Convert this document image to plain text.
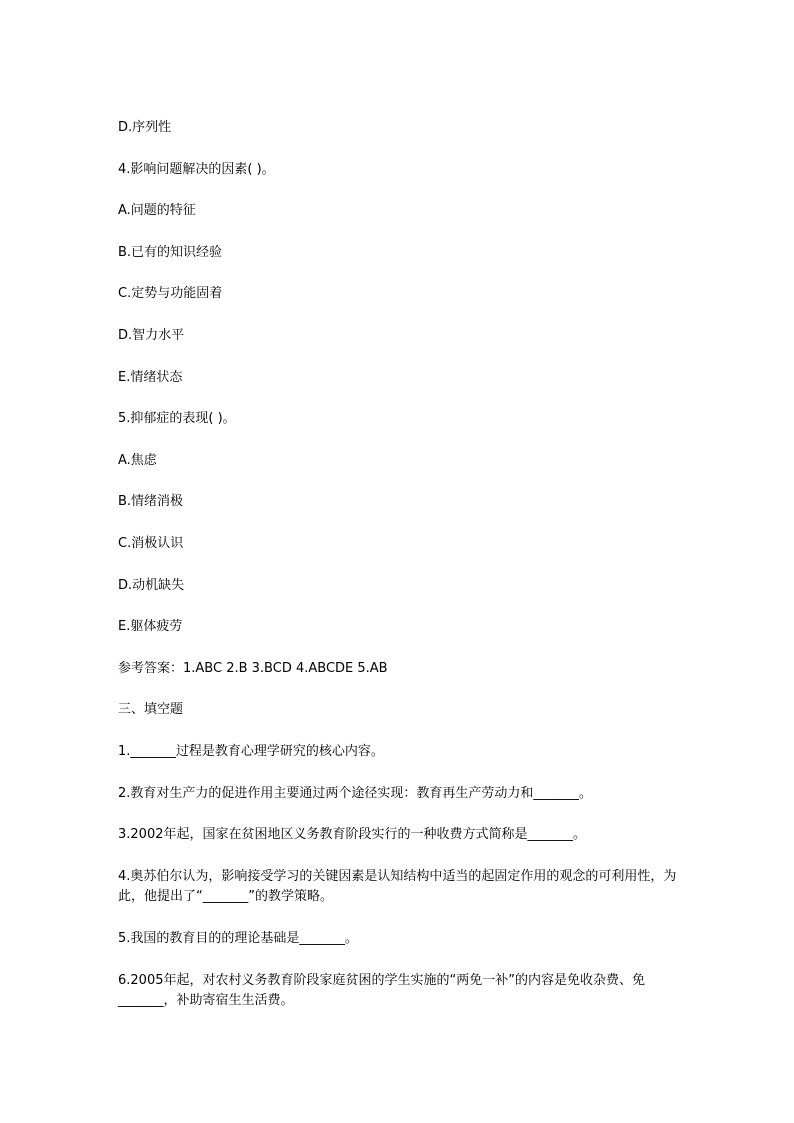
D.序列性

4.影响问题解决的因素( )。

A.问题的特征

B.已有的知识经验

C.定势与功能固着

D.智力水平

E.情绪状态

5.抑郁症的表现( )。

A.焦虑

B.情绪消极

C.消极认识

D.动机缺失

E.躯体疲劳

参考答案：1.ABC 2.B 3.BCD 4.ABCDE 5.AB

三、填空题

1._______过程是教育心理学研究的核心内容。

2.教育对生产力的促进作用主要通过两个途径实现：教育再生产劳动力和_______。

3.2002年起，国家在贫困地区义务教育阶段实行的一种收费方式简称是_______。

4.奥苏伯尔认为，影响接受学习的关键因素是认知结构中适当的起固定作用的观念的可利用性，为此，他提出了“_______”的教学策略。

5.我国的教育目的的理论基础是_______。

6.2005年起，对农村义务教育阶段家庭贫困的学生实施的“两免一补”的内容是免收杂费、免_______，补助寄宿生生活费。
